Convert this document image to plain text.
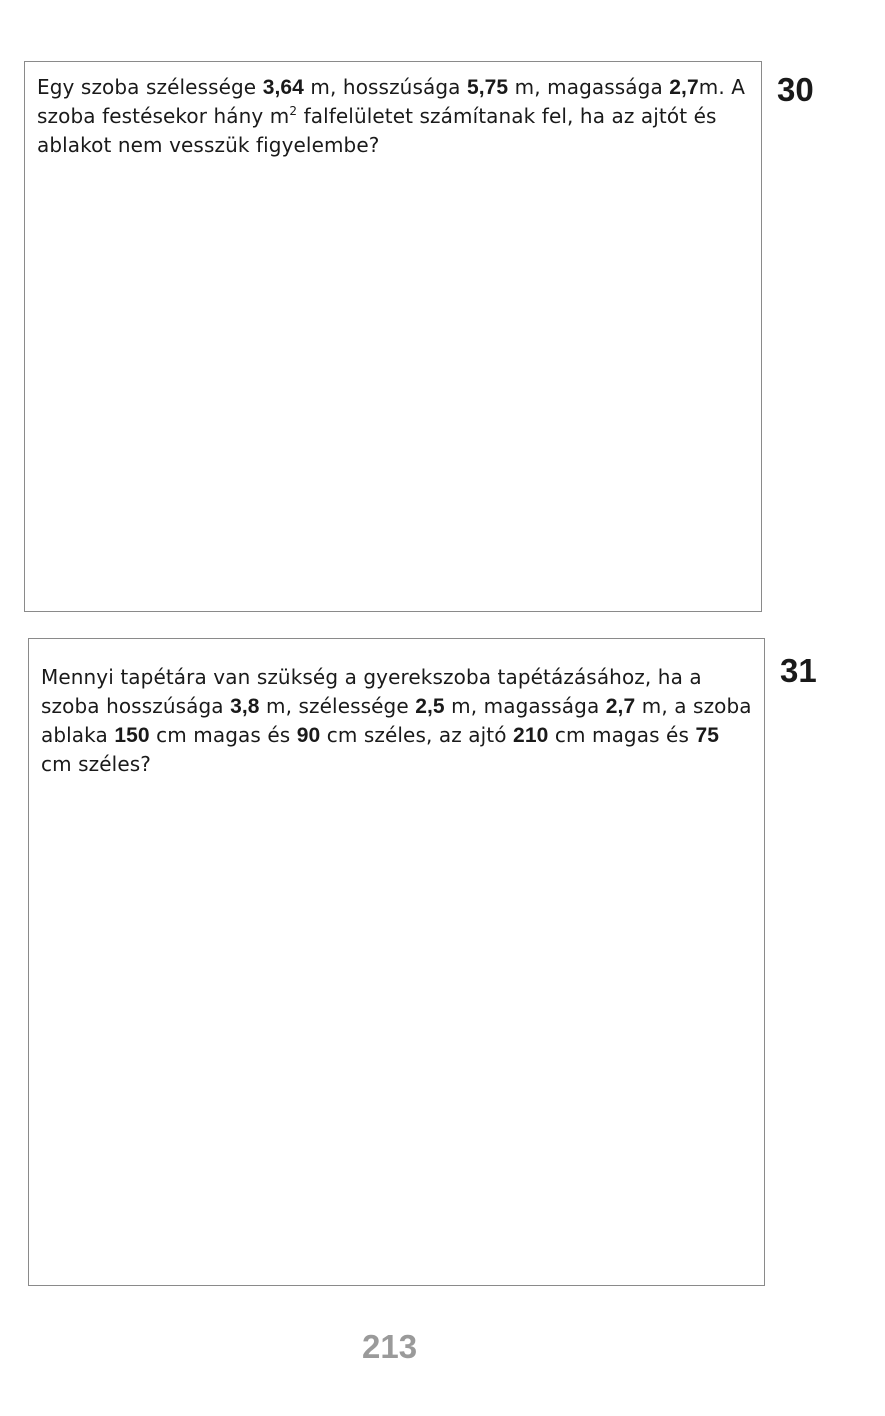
Egy szoba szélessége 3,64 m, hosszúsága 5,75 m, magassága 2,7m. A szoba festésekor hány $m^2$ falfelületet számítanak fel, ha az ajtót és ablakot nem vesszük figyelembe?

30

Mennyi tapétára van szükség a gyerekszoba tapétázásához, ha a szoba hosszúsága 3,8 m, szélessége 2,5 m, magassága 2,7 m, a szoba ablaka 150 cm magas és 90 cm széles, az ajtó 210 cm magas és 75 cm széles?

31
213
